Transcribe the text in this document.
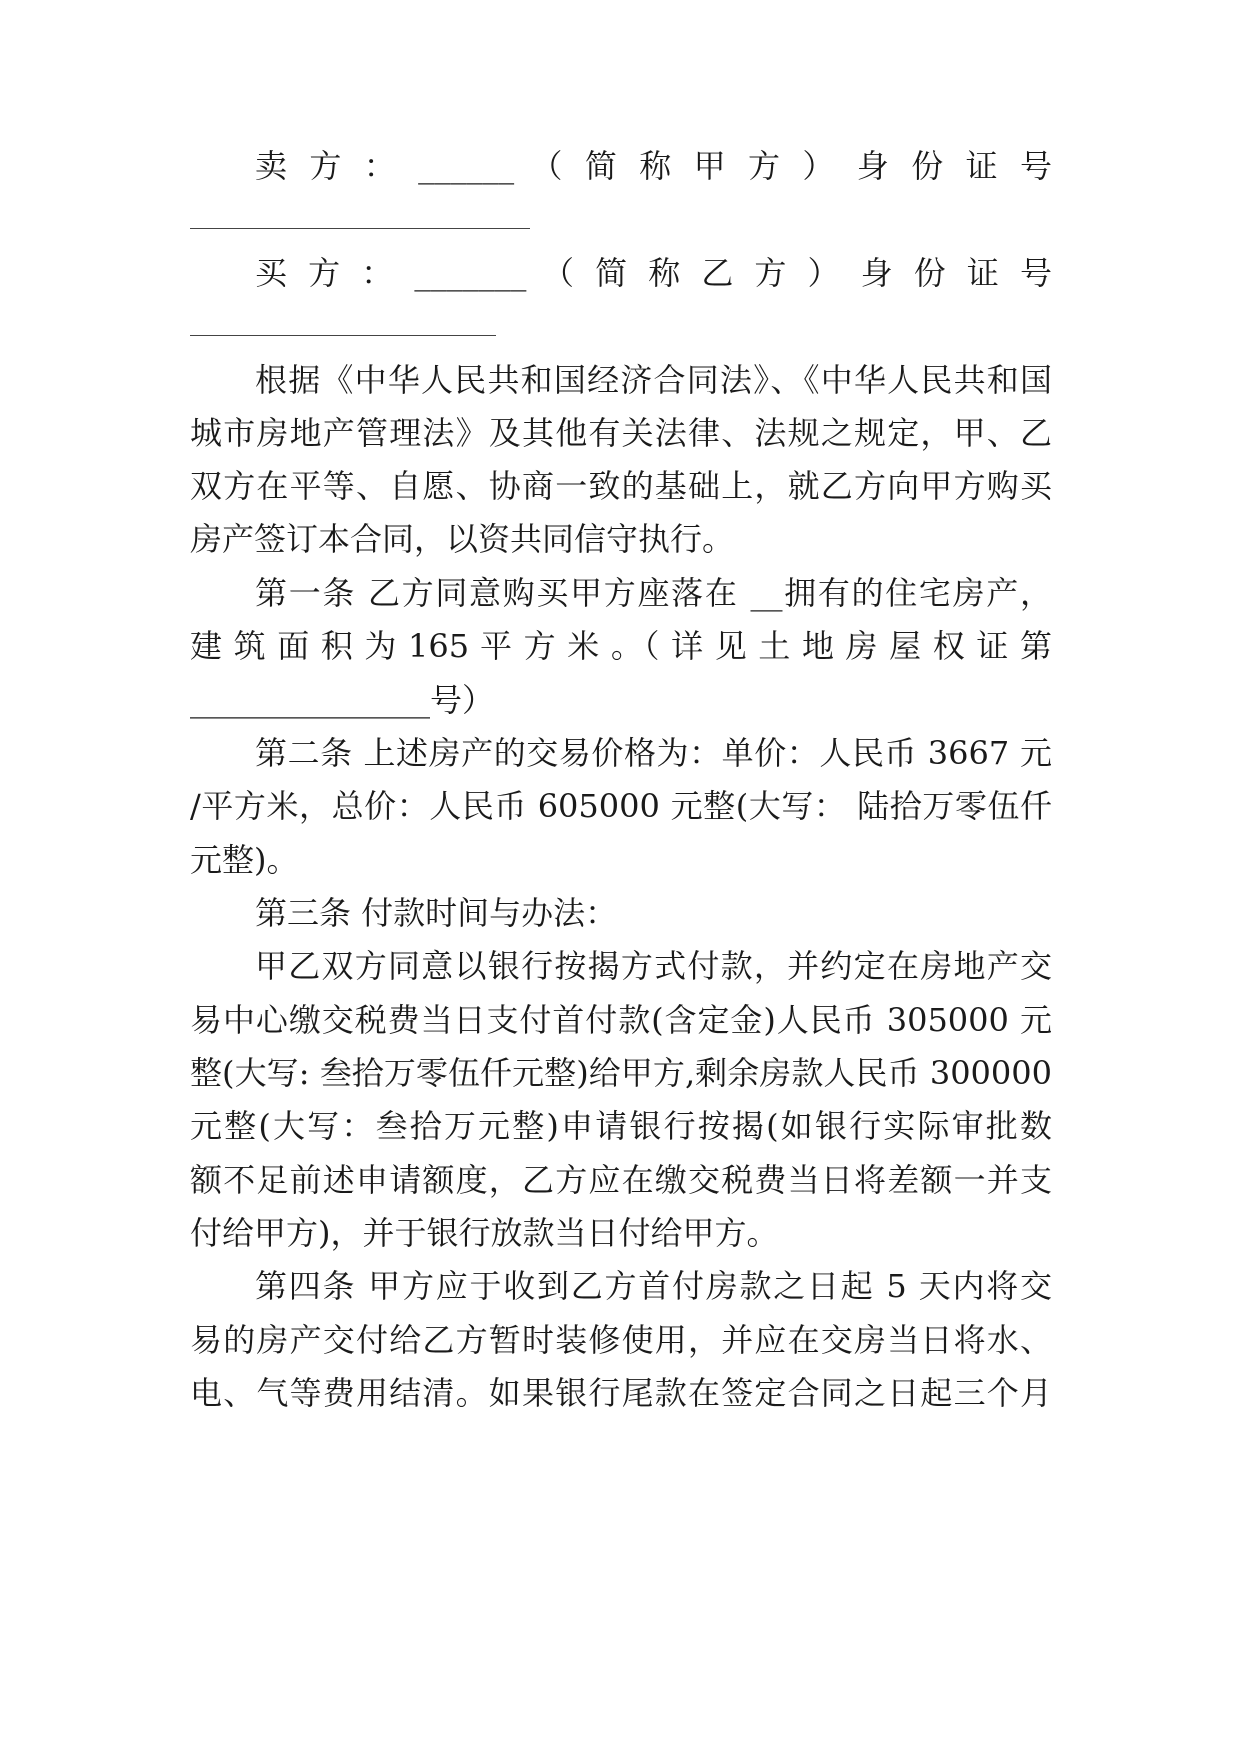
卖 方 ： ______ （ 简 称 甲 方 ） 身 份 证 号
买 方 ： _______ （ 简 称 乙 方 ） 身 份 证 号
根据《中华人民共和国经济合同法》、《中华人民共和国
城市房地产管理法》及其他有关法律、法规之规定，甲、乙
双方在平等、自愿、协商一致的基础上，就乙方向甲方购买
房产签订本合同，以资共同信守执行。
第一条 乙方同意购买甲方座落在 __拥有的住宅房产，
建 筑 面 积 为 165 平 方 米 。（ 详 见 土 地 房 屋 权 证 第
_______________号）
第二条 上述房产的交易价格为：单价：人民币 3667 元
/平方米，总价：人民币 605000 元整(大写： 陆拾万零伍仟
元整)。
第三条 付款时间与办法：
甲乙双方同意以银行按揭方式付款，并约定在房地产交
易中心缴交税费当日支付首付款(含定金)人民币 305000 元
整(大写: 叁拾万零伍仟元整)给甲方,剩余房款人民币 300000
元整(大写：叁拾万元整)申请银行按揭(如银行实际审批数
额不足前述申请额度，乙方应在缴交税费当日将差额一并支
付给甲方)，并于银行放款当日付给甲方。
第四条 甲方应于收到乙方首付房款之日起 5 天内将交
易的房产交付给乙方暂时装修使用，并应在交房当日将水、
电、气等费用结清。如果银行尾款在签定合同之日起三个月
